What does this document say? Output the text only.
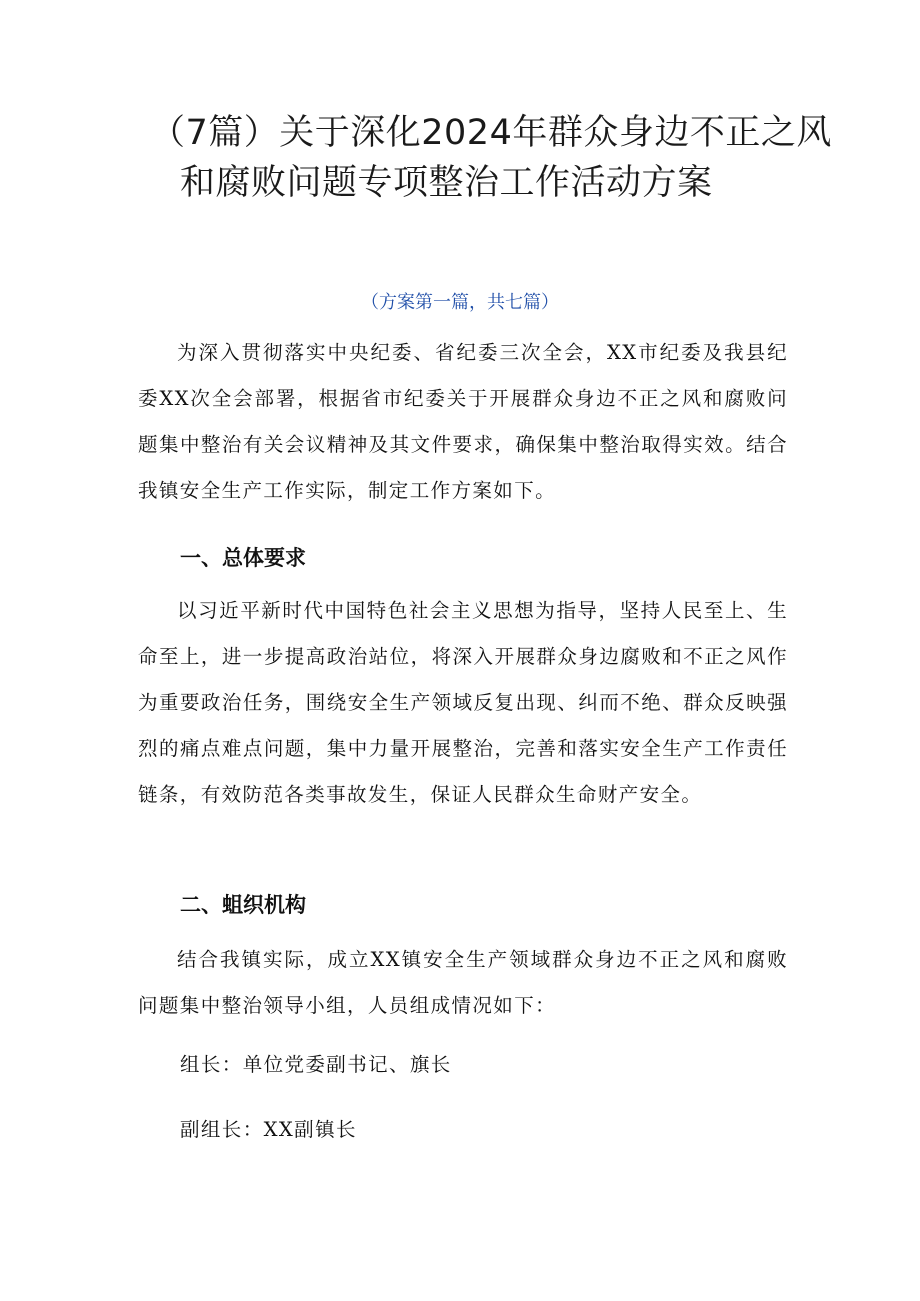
（7篇）关于深化2024年群众身边不正之风
和腐败问题专项整治工作活动方案
（方案第一篇，共七篇）

为深入贯彻落实中央纪委、省纪委三次全会，XX市纪委及我县纪委XX次全会部署，根据省市纪委关于开展群众身边不正之风和腐败问题集中整治有关会议精神及其文件要求，确保集中整治取得实效。结合我镇安全生产工作实际，制定工作方案如下。

一、总体要求

以习近平新时代中国特色社会主义思想为指导，坚持人民至上、生命至上，进一步提高政治站位，将深入开展群众身边腐败和不正之风作为重要政治任务，围绕安全生产领域反复出现、纠而不绝、群众反映强烈的痛点难点问题，集中力量开展整治，完善和落实安全生产工作责任链条，有效防范各类事故发生，保证人民群众生命财产安全。

二、蛆织机构

结合我镇实际，成立XX镇安全生产领域群众身边不正之风和腐败问题集中整治领导小组，人员组成情况如下：

组长：单位党委副书记、旗长

副组长：XX副镇长
